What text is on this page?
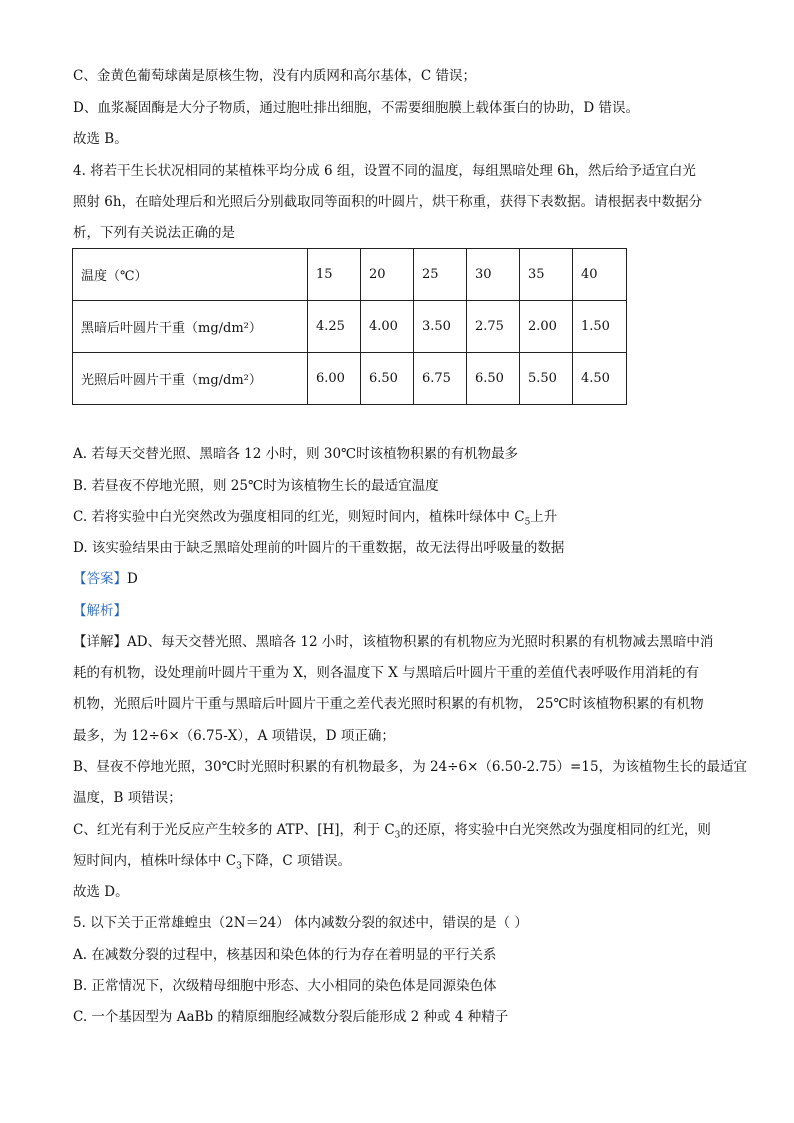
C、金黄色葡萄球菌是原核生物，没有内质网和高尔基体，C 错误；
D、血浆凝固酶是大分子物质，通过胞吐排出细胞，不需要细胞膜上载体蛋白的协助，D 错误。
故选 B。
4. 将若干生长状况相同的某植株平均分成 6 组，设置不同的温度，每组黑暗处理 6h，然后给予适宜白光
照射 6h，在暗处理后和光照后分别截取同等面积的叶圆片，烘干称重，获得下表数据。请根据表中数据分
析，下列有关说法正确的是
温度（℃）	15	20	25	30	35	40
黑暗后叶圆片干重（mg/dm²）	4.25	4.00	3.50	2.75	2.00	1.50
光照后叶圆片干重（mg/dm²）	6.00	6.50	6.75	6.50	5.50	4.50
A. 若每天交替光照、黑暗各 12 小时，则 30℃时该植物积累的有机物最多
B. 若昼夜不停地光照，则 25℃时为该植物生长的最适宜温度
C. 若将实验中白光突然改为强度相同的红光，则短时间内，植株叶绿体中 $C_5$上升
D. 该实验结果由于缺乏黑暗处理前的叶圆片的干重数据，故无法得出呼吸量的数据
【答案】D
【解析】
【详解】AD、每天交替光照、黑暗各 12 小时，该植物积累的有机物应为光照时积累的有机物减去黑暗中消
耗的有机物，设处理前叶圆片干重为 X，则各温度下 X 与黑暗后叶圆片干重的差值代表呼吸作用消耗的有
机物，光照后叶圆片干重与黑暗后叶圆片干重之差代表光照时积累的有机物， 25℃时该植物积累的有机物
最多，为 12÷6×（6.75-X），A 项错误，D 项正确；
B、昼夜不停地光照，30℃时光照时积累的有机物最多，为 24÷6×（6.50-2.75）=15，为该植物生长的最适宜
温度，B 项错误；
C、红光有利于光反应产生较多的 ATP、[H]，利于 $C_3$的还原，将实验中白光突然改为强度相同的红光，则
短时间内，植株叶绿体中 $C_3$下降，C 项错误。
故选 D。
5. 以下关于正常雄蝗虫（2N＝24） 体内减数分裂的叙述中，错误的是（ ）
A. 在减数分裂的过程中，核基因和染色体的行为存在着明显的平行关系
B. 正常情况下，次级精母细胞中形态、大小相同的染色体是同源染色体
C. 一个基因型为 AaBb 的精原细胞经减数分裂后能形成 2 种或 4 种精子
